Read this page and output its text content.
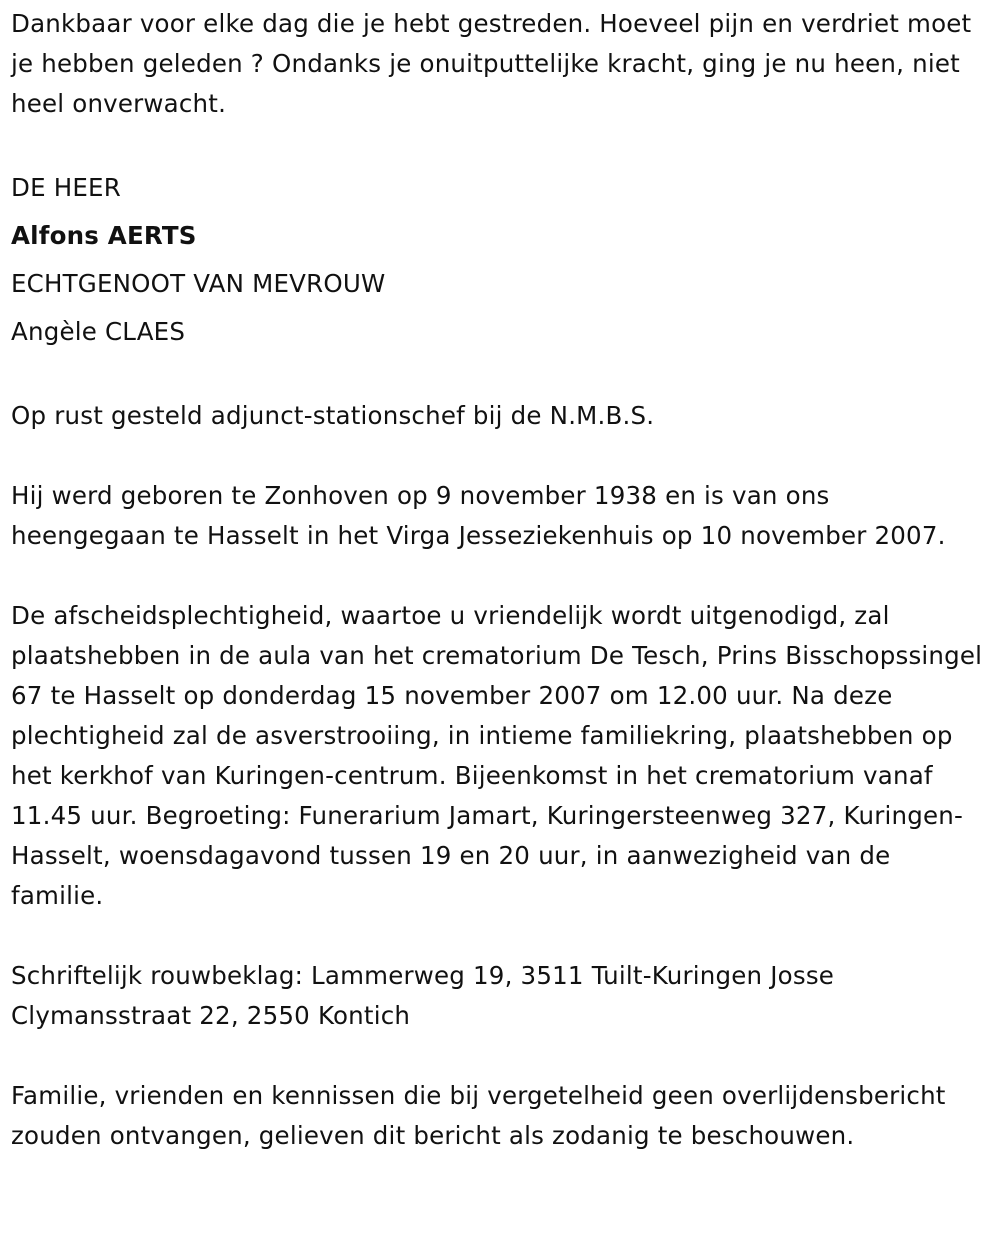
Dankbaar voor elke dag die je hebt gestreden. Hoeveel pijn en verdriet moet je hebben geleden ? Ondanks je onuitputtelijke kracht, ging je nu heen, niet heel onverwacht.

DE HEER
Alfons AERTS
ECHTGENOOT VAN MEVROUW
Angèle CLAES

Op rust gesteld adjunct-stationschef bij de N.M.B.S.

Hij werd geboren te Zonhoven op 9 november 1938 en is van ons heengegaan te Hasselt in het Virga Jesseziekenhuis op 10 november 2007.

De afscheidsplechtigheid, waartoe u vriendelijk wordt uitgenodigd, zal plaatshebben in de aula van het crematorium De Tesch, Prins Bisschopssingel 67 te Hasselt op donderdag 15 november 2007 om 12.00 uur. Na deze plechtigheid zal de asverstrooiing, in intieme familiekring, plaatshebben op het kerkhof van Kuringen-centrum. Bijeenkomst in het crematorium vanaf 11.45 uur. Begroeting: Funerarium Jamart, Kuringersteenweg 327, Kuringen-Hasselt, woensdagavond tussen 19 en 20 uur, in aanwezigheid van de familie.

Schriftelijk rouwbeklag: Lammerweg 19, 3511 Tuilt-Kuringen Josse Clymansstraat 22, 2550 Kontich

Familie, vrienden en kennissen die bij vergetelheid geen overlijdensbericht zouden ontvangen, gelieven dit bericht als zodanig te beschouwen.
